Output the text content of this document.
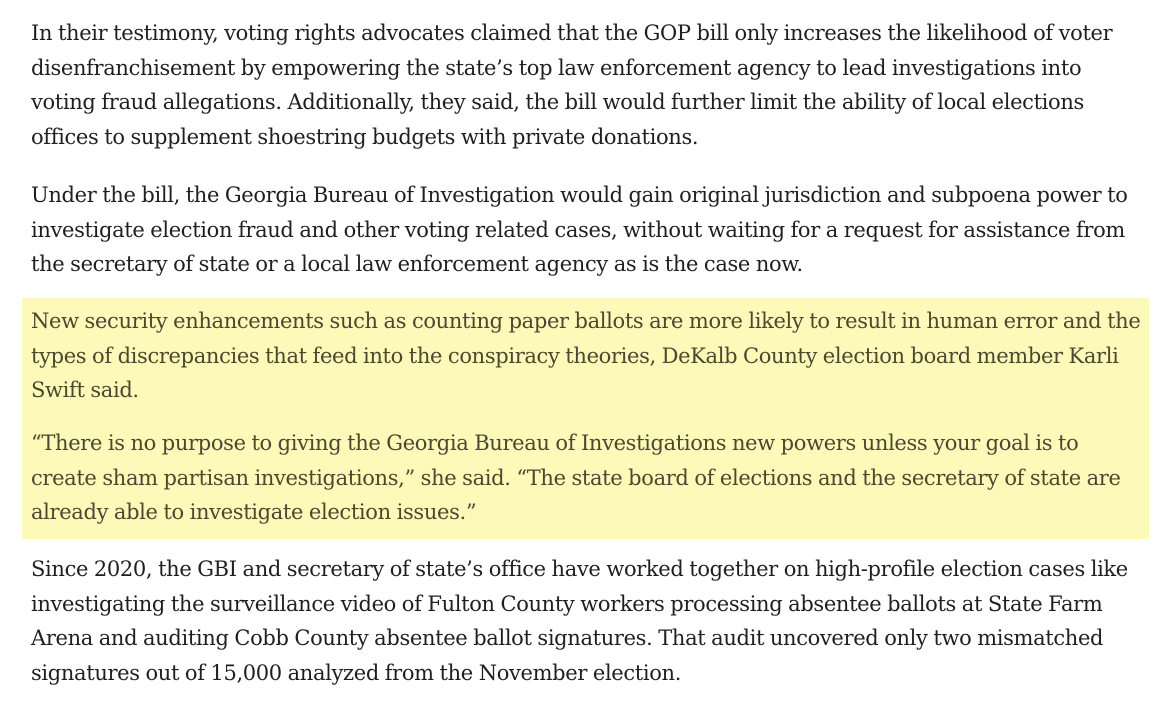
In their testimony, voting rights advocates claimed that the GOP bill only increases the likelihood of voter disenfranchisement by empowering the state’s top law enforcement agency to lead investigations into voting fraud allegations. Additionally, they said, the bill would further limit the ability of local elections offices to supplement shoestring budgets with private donations.

Under the bill, the Georgia Bureau of Investigation would gain original jurisdiction and subpoena power to investigate election fraud and other voting related cases, without waiting for a request for assistance from the secretary of state or a local law enforcement agency as is the case now.

New security enhancements such as counting paper ballots are more likely to result in human error and the types of discrepancies that feed into the conspiracy theories, DeKalb County election board member Karli Swift said.

“There is no purpose to giving the Georgia Bureau of Investigations new powers unless your goal is to create sham partisan investigations,” she said. “The state board of elections and the secretary of state are already able to investigate election issues.”

Since 2020, the GBI and secretary of state’s office have worked together on high-profile election cases like investigating the surveillance video of Fulton County workers processing absentee ballots at State Farm Arena and auditing Cobb County absentee ballot signatures. That audit uncovered only two mismatched signatures out of 15,000 analyzed from the November election.
